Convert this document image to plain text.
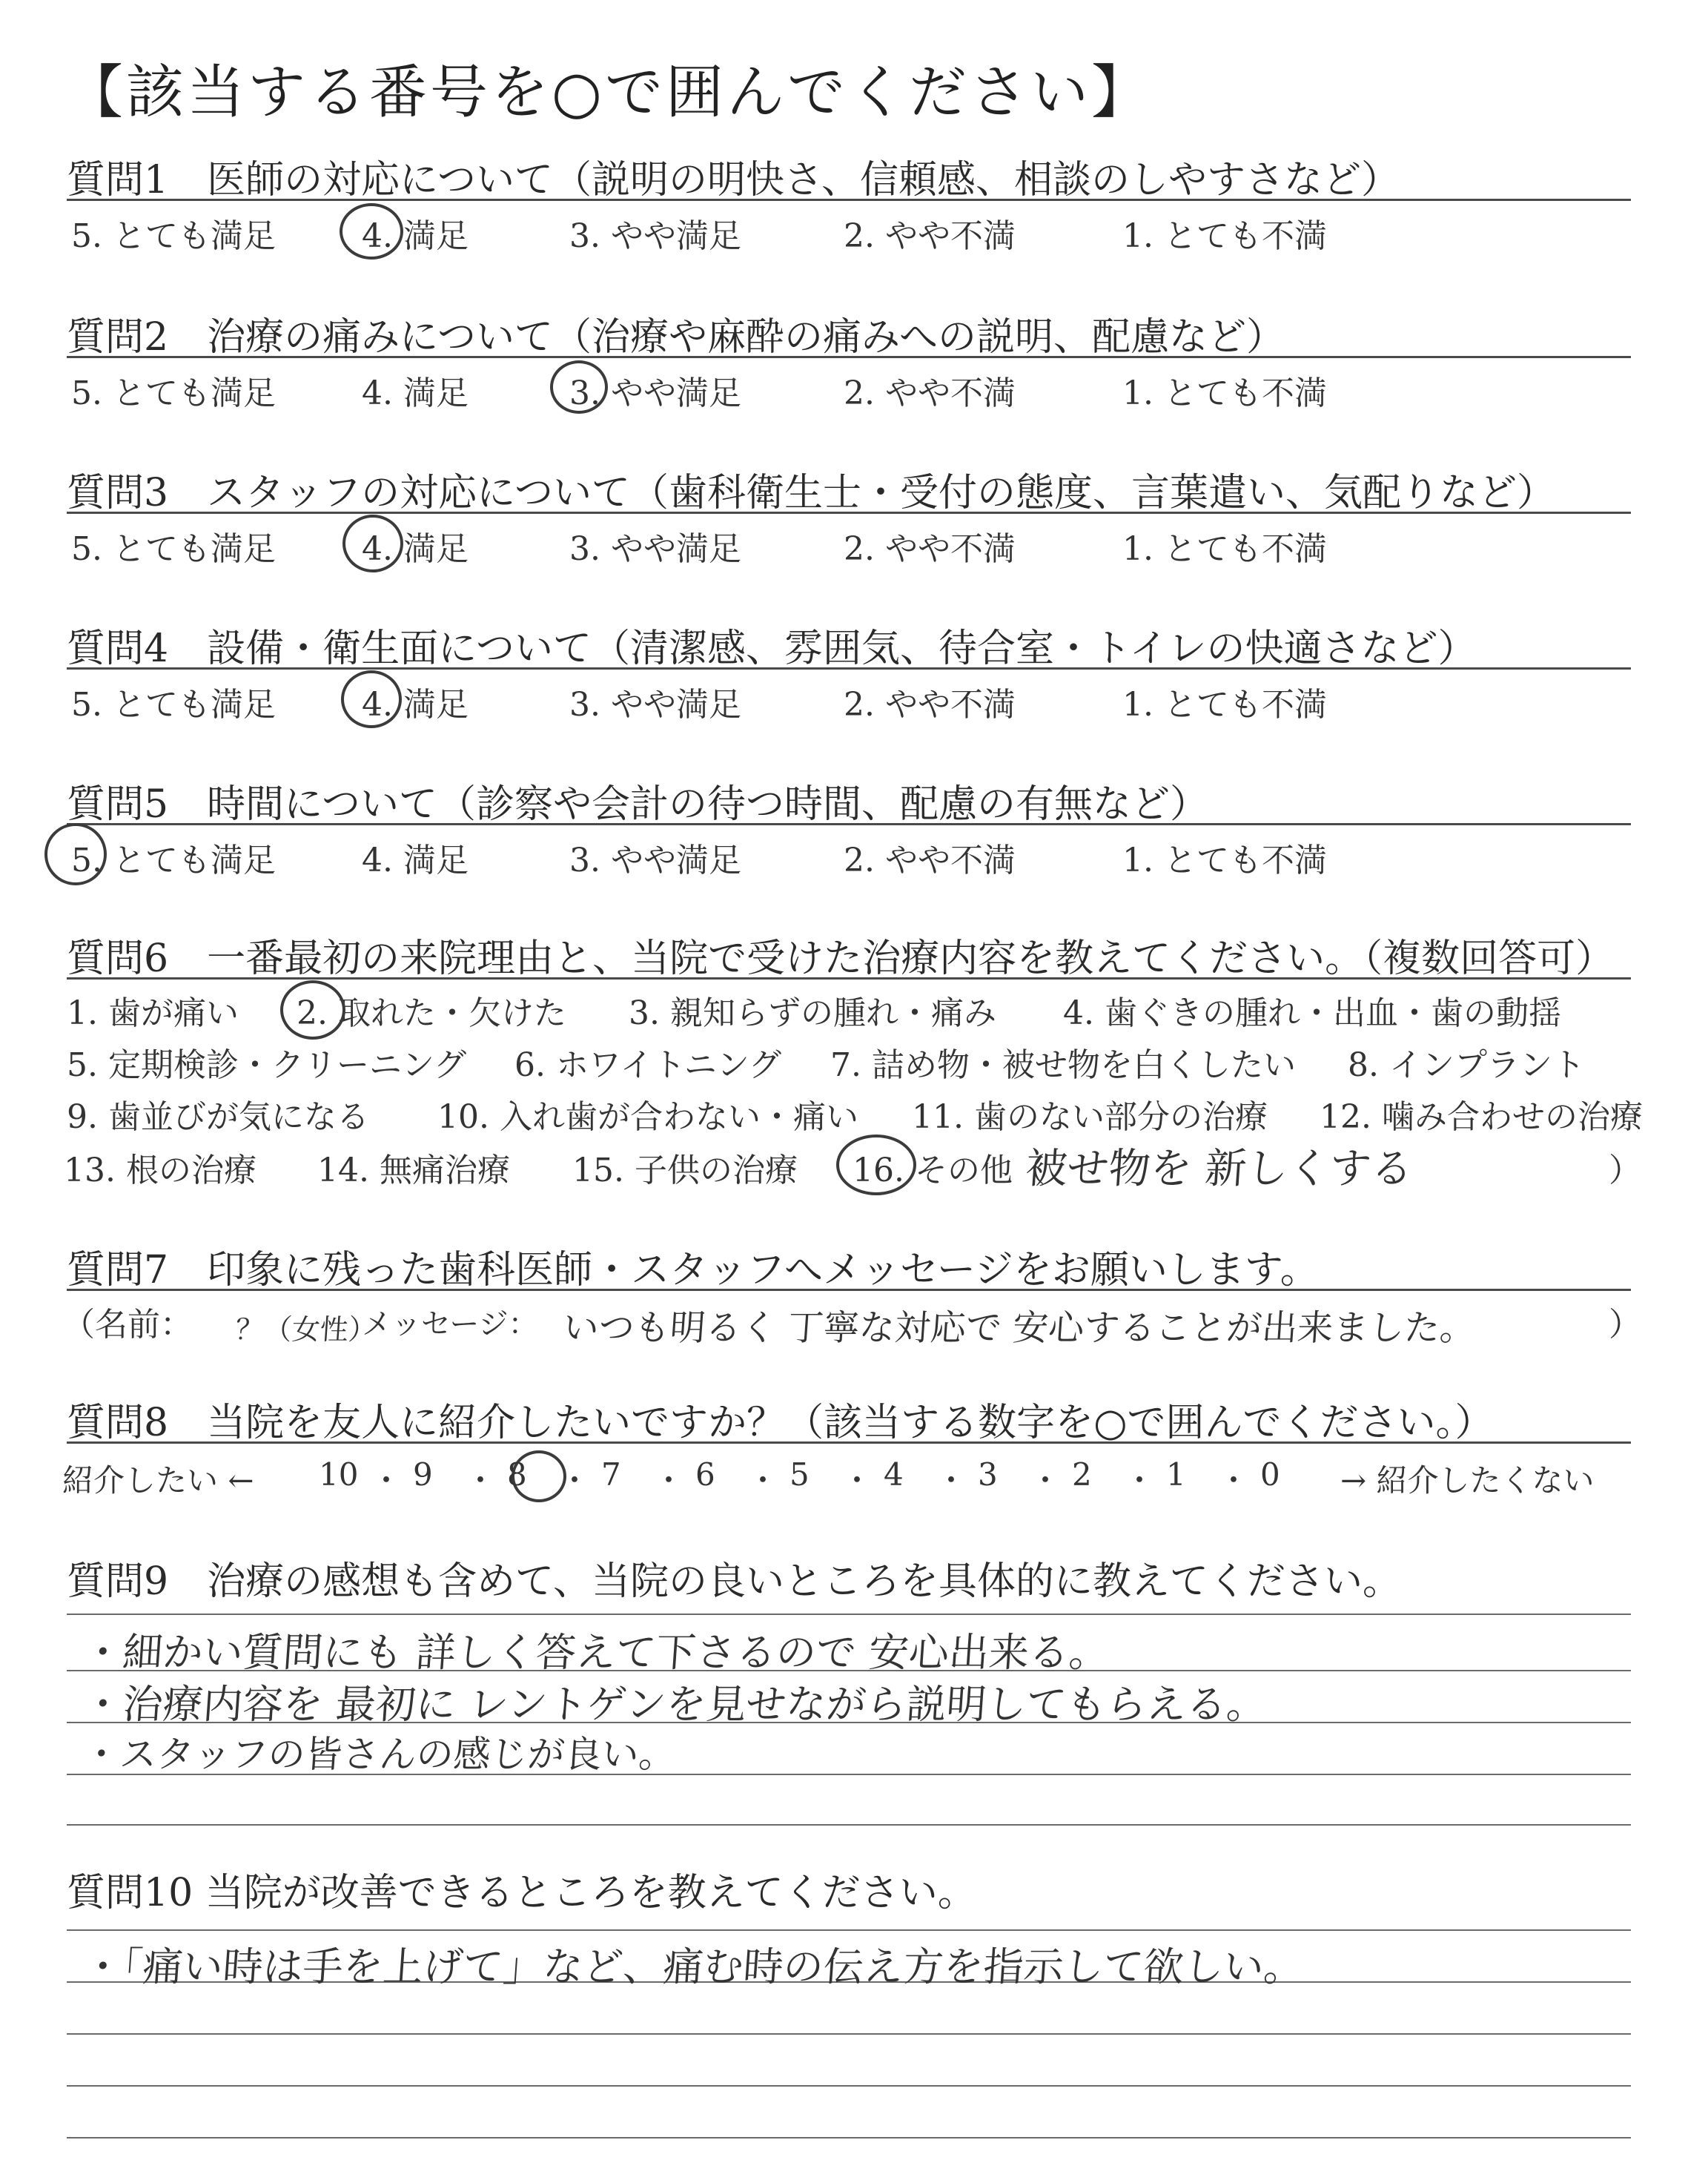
【該当する番号を○で囲んでください】
質問1　医師の対応について（説明の明快さ、信頼感、相談のしやすさなど）
5. とても満足	4. 満足	3. やや満足	2. やや不満	1. とても不満
質問2　治療の痛みについて（治療や麻酔の痛みへの説明、配慮など）
5. とても満足	4. 満足	3. やや満足	2. やや不満	1. とても不満
質問3　スタッフの対応について（歯科衛生士・受付の態度、言葉遣い、気配りなど）
5. とても満足	4. 満足	3. やや満足	2. やや不満	1. とても不満
質問4　設備・衛生面について（清潔感、雰囲気、待合室・トイレの快適さなど）
5. とても満足	4. 満足	3. やや満足	2. やや不満	1. とても不満
質問5　時間について（診察や会計の待つ時間、配慮の有無など）
5. とても満足	4. 満足	3. やや満足	2. やや不満	1. とても不満
質問6　一番最初の来院理由と、当院で受けた治療内容を教えてください。（複数回答可）
1. 歯が痛い 2. 取れた・欠けた 3. 親知らずの腫れ・痛み 4. 歯ぐきの腫れ・出血・歯の動揺
5. 定期検診・クリーニング 6. ホワイトニング 7. 詰め物・被せ物を白くしたい 8. インプラント
9. 歯並びが気になる 10. 入れ歯が合わない・痛い 11. 歯のない部分の治療 12. 噛み合わせの治療
13. 根の治療 14. 無痛治療 15. 子供の治療 16. その他（
被せ物を 新しくする	）
質問7　印象に残った歯科医師・スタッフへメッセージをお願いします。
（名前： ？（女性）
メッセージ： いつも明るく 丁寧な対応で 安心することが出来ました。	）
質問8　当院を友人に紹介したいですか？（該当する数字を○で囲んでください。）
紹介したい ←	→ 紹介したくない
質問9　治療の感想も含めて、当院の良いところを具体的に教えてください。
・細かい質問にも 詳しく答えて下さるので 安心出来る。
・治療内容を 最初に レントゲンを見せながら説明してもらえる。
・スタッフの皆さんの感じが良い。
質問10 当院が改善できるところを教えてください。
・「痛い時は手を上げて」など、痛む時の伝え方を指示して欲しい。
10 ・ 9 ・ 8 ・ 7 ・ 6 ・ 5 ・ 4 ・ 3 ・ 2 ・ 1 ・ 0
